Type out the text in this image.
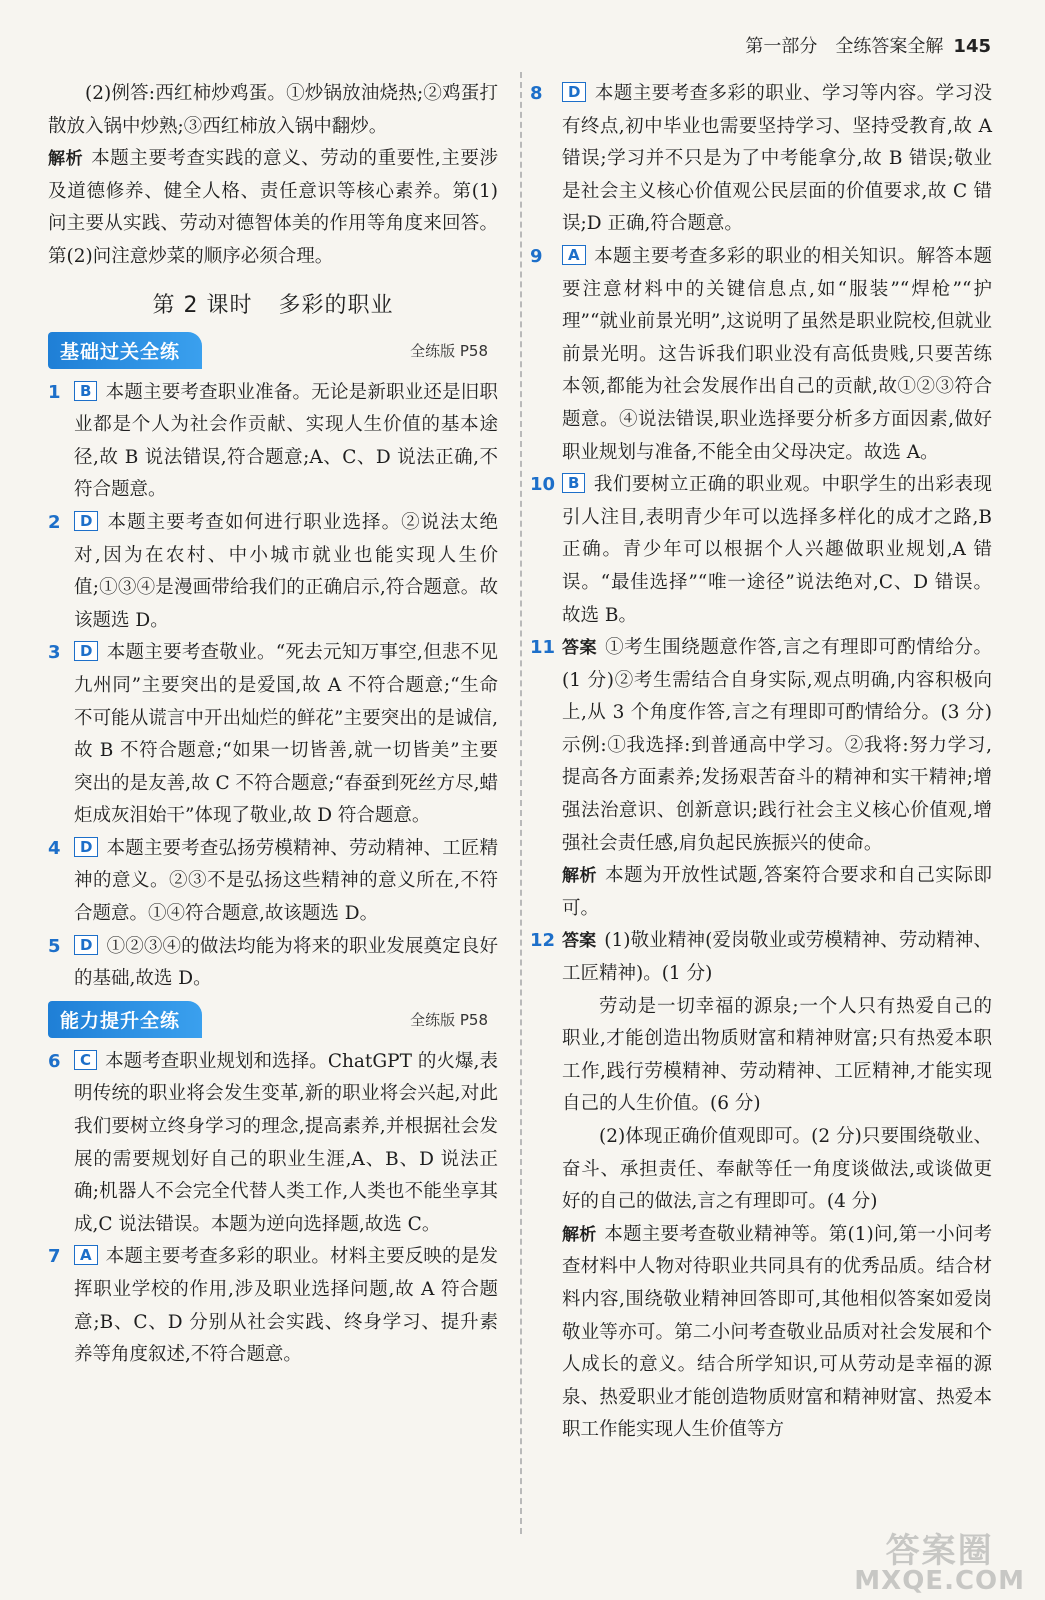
第一部分　全练答案全解 145

(2)例答:西红柿炒鸡蛋。①炒锅放油烧热;②鸡蛋打散放入锅中炒熟;③西红柿放入锅中翻炒。

解析 本题主要考查实践的意义、劳动的重要性,主要涉及道德修养、健全人格、责任意识等核心素养。第(1)问主要从实践、劳动对德智体美的作用等角度来回答。第(2)问注意炒菜的顺序必须合理。

第 2 课时 多彩的职业
基础过关全练	全练版 P58
1	B 本题主要考查职业准备。无论是新职业还是旧职业都是个人为社会作贡献、实现人生价值的基本途径,故 B 说法错误,符合题意;A、C、D 说法正确,不符合题意。

2	D 本题主要考查如何进行职业选择。②说法太绝对,因为在农村、中小城市就业也能实现人生价值;①③④是漫画带给我们的正确启示,符合题意。故该题选 D。

3	D 本题主要考查敬业。“死去元知万事空,但悲不见九州同”主要突出的是爱国,故 A 不符合题意;“生命不可能从谎言中开出灿烂的鲜花”主要突出的是诚信,故 B 不符合题意;“如果一切皆善,就一切皆美”主要突出的是友善,故 C 不符合题意;“春蚕到死丝方尽,蜡炬成灰泪始干”体现了敬业,故 D 符合题意。

4	D 本题主要考查弘扬劳模精神、劳动精神、工匠精神的意义。②③不是弘扬这些精神的意义所在,不符合题意。①④符合题意,故该题选 D。

5	D ①②③④的做法均能为将来的职业发展奠定良好的基础,故选 D。

能力提升全练	全练版 P58
6	C 本题考查职业规划和选择。ChatGPT 的火爆,表明传统的职业将会发生变革,新的职业将会兴起,对此我们要树立终身学习的理念,提高素养,并根据社会发展的需要规划好自己的职业生涯,A、B、D 说法正确;机器人不会完全代替人类工作,人类也不能坐享其成,C 说法错误。本题为逆向选择题,故选 C。

7	A 本题主要考查多彩的职业。材料主要反映的是发挥职业学校的作用,涉及职业选择问题,故 A 符合题意;B、C、D 分别从社会实践、终身学习、提升素养等角度叙述,不符合题意。

8	D 本题主要考查多彩的职业、学习等内容。学习没有终点,初中毕业也需要坚持学习、坚持受教育,故 A 错误;学习并不只是为了中考能拿分,故 B 错误;敬业是社会主义核心价值观公民层面的价值要求,故 C 错误;D 正确,符合题意。

9	A 本题主要考查多彩的职业的相关知识。解答本题要注意材料中的关键信息点,如“服装”“焊枪”“护理”“就业前景光明”,这说明了虽然是职业院校,但就业前景光明。这告诉我们职业没有高低贵贱,只要苦练本领,都能为社会发展作出自己的贡献,故①②③符合题意。④说法错误,职业选择要分析多方面因素,做好职业规划与准备,不能全由父母决定。故选 A。

10 B 我们要树立正确的职业观。中职学生的出彩表现引人注目,表明青少年可以选择多样化的成才之路,B 正确。青少年可以根据个人兴趣做职业规划,A 错误。“最佳选择”“唯一途径”说法绝对,C、D 错误。故选 B。

11 答案 ①考生围绕题意作答,言之有理即可酌情给分。(1 分)②考生需结合自身实际,观点明确,内容积极向上,从 3 个角度作答,言之有理即可酌情给分。(3 分)示例:①我选择:到普通高中学习。②我将:努力学习,提高各方面素养;发扬艰苦奋斗的精神和实干精神;增强法治意识、创新意识;践行社会主义核心价值观,增强社会责任感,肩负起民族振兴的使命。

解析 本题为开放性试题,答案符合要求和自己实际即可。

12 答案 (1)敬业精神(爱岗敬业或劳模精神、劳动精神、工匠精神)。(1 分)

劳动是一切幸福的源泉;一个人只有热爱自己的职业,才能创造出物质财富和精神财富;只有热爱本职工作,践行劳模精神、劳动精神、工匠精神,才能实现自己的人生价值。(6 分)

(2)体现正确价值观即可。(2 分)只要围绕敬业、奋斗、承担责任、奉献等任一角度谈做法,或谈做更好的自己的做法,言之有理即可。(4 分)

解析 本题主要考查敬业精神等。第(1)问,第一小问考查材料中人物对待职业共同具有的优秀品质。结合材料内容,围绕敬业精神回答即可,其他相似答案如爱岗敬业等亦可。第二小问考查敬业品质对社会发展和个人成长的意义。结合所学知识,可从劳动是幸福的源泉、热爱职业才能创造物质财富和精神财富、热爱本职工作能实现人生价值等方

答案圈
MXQE.COM
